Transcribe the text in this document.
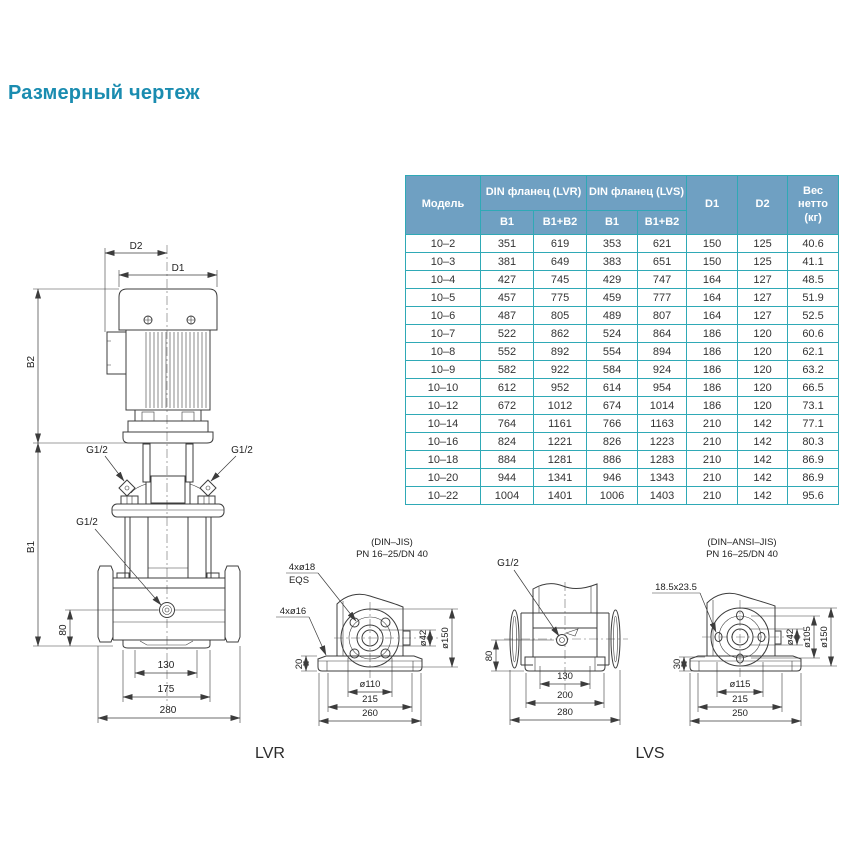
Размерный чертеж
D2
D1
B2
B1
80
130
175
280
G1/2	G1/2
G1/2
(DIN–JIS)
PN 16–25/DN 40
4xø18
EQS
4xø16
20
ø42 ø150
ø110
215
260
G1/2
80
130
200
280
(DIN–ANSI–JIS)
PN 16–25/DN 40
18.5x23.5
30
ø42 ø105 ø150
ø115
215
250
LVR	LVS
Модель	DIN фланец (LVR)		DIN фланец (LVS)		D1	D2	Вес нетто (кг)
	B1	B1+B2	B1	B1+B2			
10–2	351	619	353	621	150	125	40.6
10–3	381	649	383	651	150	125	41.1
10–4	427	745	429	747	164	127	48.5
10–5	457	775	459	777	164	127	51.9
10–6	487	805	489	807	164	127	52.5
10–7	522	862	524	864	186	120	60.6
10–8	552	892	554	894	186	120	62.1
10–9	582	922	584	924	186	120	63.2
10–10	612	952	614	954	186	120	66.5
10–12	672	1012	674	1014	186	120	73.1
10–14	764	1161	766	1163	210	142	77.1
10–16	824	1221	826	1223	210	142	80.3
10–18	884	1281	886	1283	210	142	86.9
10–20	944	1341	946	1343	210	142	86.9
10–22	1004	1401	1006	1403	210	142	95.6
